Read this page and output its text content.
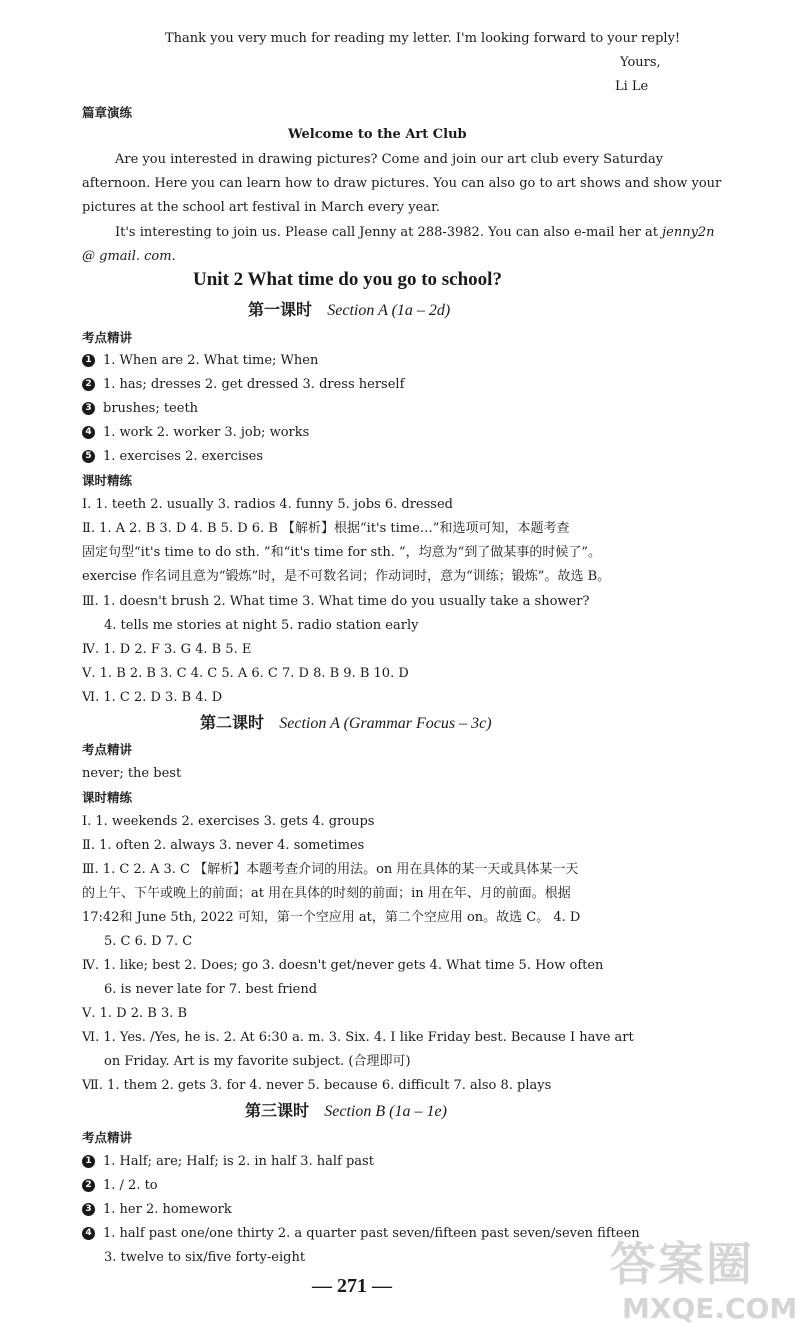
Thank you very much for reading my letter. I'm looking forward to your reply!
Yours,
Li Le
篇章演练
Welcome to the Art Club
Are you interested in drawing pictures? Come and join our art club every Saturday
afternoon. Here you can learn how to draw pictures. You can also go to art shows and show your
pictures at the school art festival in March every year.
It's interesting to join us. Please call Jenny at 288-3982. You can also e-mail her at jenny2n
@ gmail. com.
Unit 2 What time do you go to school?
第一课时 Section A (1a – 2d)
考点精讲
1 1. When are 2. What time; When
2 1. has; dresses 2. get dressed 3. dress herself
3 brushes; teeth
4 1. work 2. worker 3. job; works
5 1. exercises 2. exercises
课时精练
Ⅰ. 1. teeth 2. usually 3. radios 4. funny 5. jobs 6. dressed
Ⅱ. 1. A 2. B 3. D 4. B 5. D 6. B 【解析】根据“it's time…”和选项可知，本题考查
固定句型“it's time to do sth. ”和“it's time for sth. ”，均意为“到了做某事的时候了”。
exercise 作名词且意为“锻炼”时，是不可数名词；作动词时，意为“训练；锻炼”。故选 B。
Ⅲ. 1. doesn't brush 2. What time 3. What time do you usually take a shower?
4. tells me stories at night 5. radio station early
Ⅳ. 1. D 2. F 3. G 4. B 5. E
Ⅴ. 1. B 2. B 3. C 4. C 5. A 6. C 7. D 8. B 9. B 10. D
Ⅵ. 1. C 2. D 3. B 4. D
第二课时 Section A (Grammar Focus – 3c)
考点精讲
never; the best
课时精练
Ⅰ. 1. weekends 2. exercises 3. gets 4. groups
Ⅱ. 1. often 2. always 3. never 4. sometimes
Ⅲ. 1. C 2. A 3. C 【解析】本题考查介词的用法。on 用在具体的某一天或具体某一天
的上午、下午或晚上的前面；at 用在具体的时刻的前面；in 用在年、月的前面。根据
17:42和 June 5th, 2022 可知，第一个空应用 at，第二个空应用 on。故选 C。 4. D
5. C 6. D 7. C
Ⅳ. 1. like; best 2. Does; go 3. doesn't get/never gets 4. What time 5. How often
6. is never late for 7. best friend
Ⅴ. 1. D 2. B 3. B
Ⅵ. 1. Yes. /Yes, he is. 2. At 6:30 a. m. 3. Six. 4. I like Friday best. Because I have art
on Friday. Art is my favorite subject. (合理即可)
Ⅶ. 1. them 2. gets 3. for 4. never 5. because 6. difficult 7. also 8. plays
第三课时 Section B (1a – 1e)
考点精讲
1 1. Half; are; Half; is 2. in half 3. half past
2 1. / 2. to
3 1. her 2. homework
4 1. half past one/one thirty 2. a quarter past seven/fifteen past seven/seven fifteen
3. twelve to six/five forty-eight
— 271 —	答案圈
MXQE.COM
